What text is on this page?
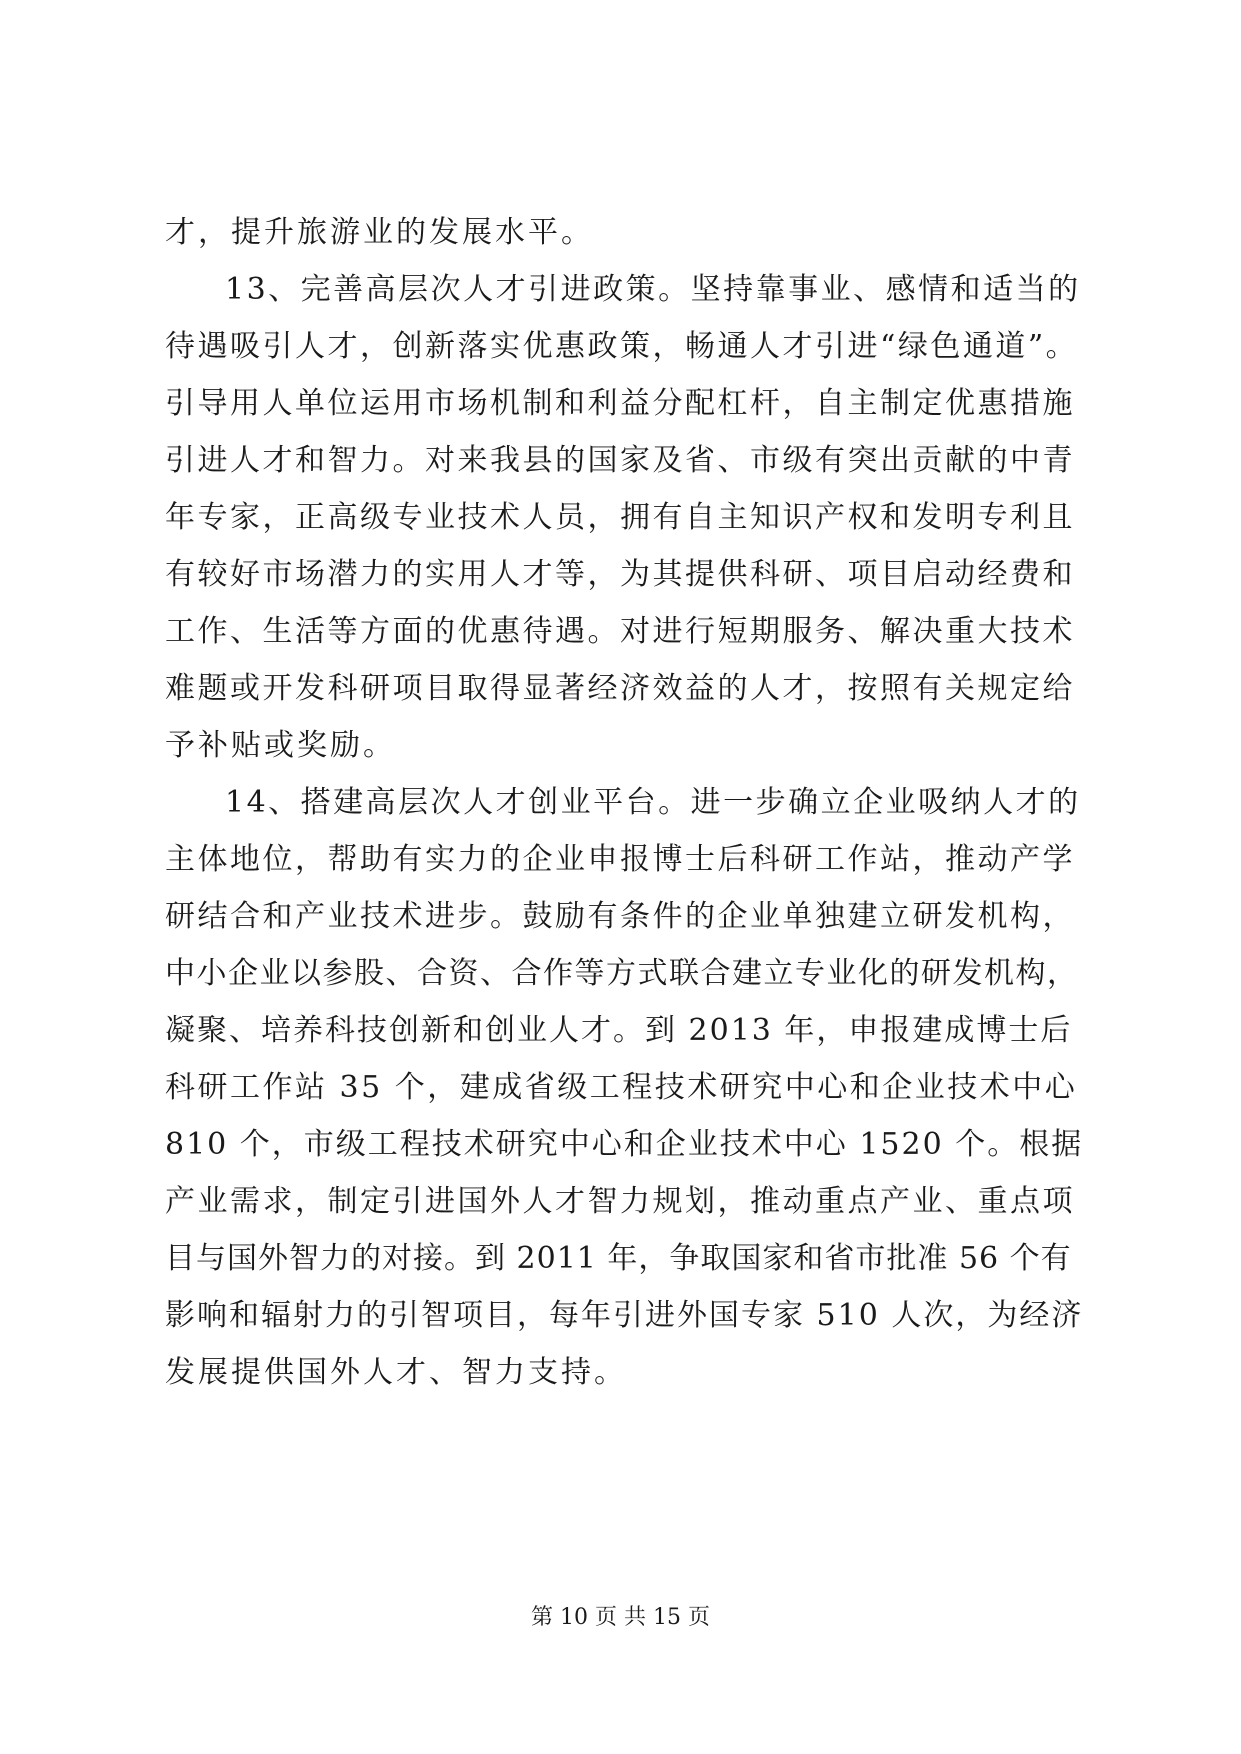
才，提升旅游业的发展水平。

13、完善高层次人才引进政策。坚持靠事业、感情和适当的

待遇吸引人才，创新落实优惠政策，畅通人才引进“绿色通道”。

引导用人单位运用市场机制和利益分配杠杆，自主制定优惠措施

引进人才和智力。对来我县的国家及省、市级有突出贡献的中青

年专家，正高级专业技术人员，拥有自主知识产权和发明专利且

有较好市场潜力的实用人才等，为其提供科研、项目启动经费和

工作、生活等方面的优惠待遇。对进行短期服务、解决重大技术

难题或开发科研项目取得显著经济效益的人才，按照有关规定给

予补贴或奖励。

14、搭建高层次人才创业平台。进一步确立企业吸纳人才的

主体地位，帮助有实力的企业申报博士后科研工作站，推动产学

研结合和产业技术进步。鼓励有条件的企业单独建立研发机构，

中小企业以参股、合资、合作等方式联合建立专业化的研发机构，

凝聚、培养科技创新和创业人才。到 2013 年，申报建成博士后

科研工作站 35 个，建成省级工程技术研究中心和企业技术中心

810 个，市级工程技术研究中心和企业技术中心 1520 个。根据

产业需求，制定引进国外人才智力规划，推动重点产业、重点项

目与国外智力的对接。到 2011 年，争取国家和省市批准 56 个有

影响和辐射力的引智项目，每年引进外国专家 510 人次，为经济

发展提供国外人才、智力支持。

第 10 页 共 15 页
